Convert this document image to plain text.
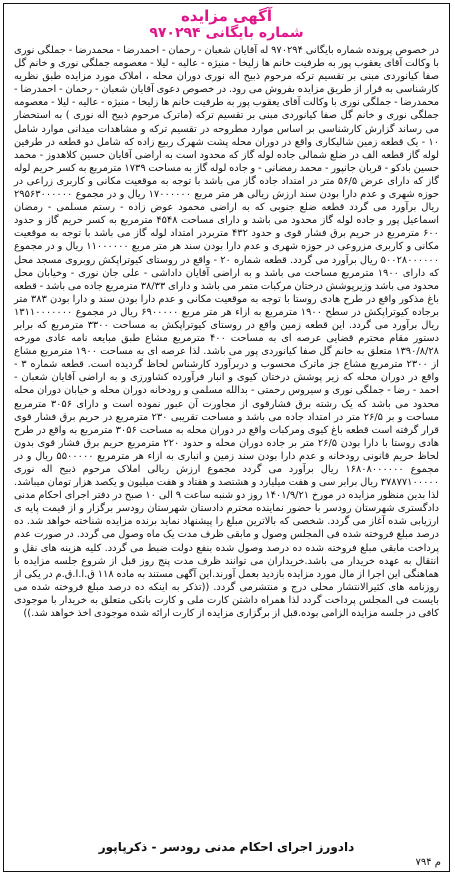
آگهی مزایده
شماره بایگانی ۹۷۰۲۹۴
در خصوص پرونده شماره بایگانی ۹۷۰۲۹۴ له آقایان شعبان - رحمان - احمدرضا - محمدرضا - جملگی نوری با وکالت آقای یعقوب پور به طرفیت خانم ها زلیخا - منیژه - عالیه - لیلا - معصومه جملگی نوری و خانم گل صفا کیانوردی مبنی بر تقسیم ترکه مرحوم ذبیح اله نوری دوران محله ، املاک مورد مزایده طبق نظریه کارشناسی به قرار از طریق مزایده بفروش می رود. در خصوص دعوی آقایان شعبان - رحمان - احمدرضا - محمدرضا - جملگی نوری با وکالت آقای یعقوب پور به طرفیت خانم ها زلیخا - منیژه - عالیه - لیلا - معصومه جملگی نوری و خانم گل صفا کیانوردی مبنی بر تقسیم ترکه (ماترک مرحوم ذبیح اله نوری ) به استحضار می رساند گزارش کارشناسی بر اساس موارد مطروحه در تقسیم ترکه و مشاهدات میدانی موارد شامل ۱۰ - یک قطعه زمین شالیکاری واقع در دوران محله پشت شهرک ربیع زاده که شامل دو قطعه در طرفین لوله گاز قطعه الف در ضلع شمالی جاده لوله گاز که محدود است به اراضی آقایان حسین کلاهدوز - محمد حسین بادکو - قربان جانپور - محمد رمضانی - و جاده لوله گاز به مساحت ۱۷۳۹ مترمربع به کسر حریم لوله گاز که دارای عرض ۵۶/۵ متر در امتداد جاده گاز می باشد با توجه به موقعیت مکانی و کاربری زراعی در حوزه شهری و عدم دارا بودن سند ارزش ریالی هر متر مربع ۱۷۰۰۰۰۰۰ ریال و در مجموع ۲۹۵۶۳۰۰۰۰۰۰ ریال برآورد می گردد قطعه ضلع جنوبی که به اراضی محمود عوض زاده - رستم مسلمی - رمضان اسماعیل پور و جاده لوله گاز محدود می باشد و دارای مساحت ۴۵۴۸ مترمربع به کسر حریم گاز و حدود ۶۰۰ مترمربع در حریم برق فشار قوی و حدود ۴۳۲ متربردر امتداد لوله گاز می باشد با توجه به موقعیت مکانی و کاربری مزروعی در حوزه شهری و عدم دارا بودن سند هر متر مربع ۱۱۰۰۰۰۰۰ ریال و در مجموع ۵۰۰۲۸۰۰۰۰۰۰ ریال برآورد می گردد. قطعه شماره ۲۰ - واقع در روستای کیوتراپکش روبروی مسجد محل که دارای ۱۹۰۰ مترمربع مساحت می باشد و به اراضی آقایان داداشی - علی جان نوری - وخیابان محل محدود می باشد وزیرپوشش درختان مرکبات متمر می باشد و دارای ۳۸/۳۳ مترمربع جاده می باشد - قطعه باغ مذکور واقع در طرح هادی روستا با توجه به موقعیت مکانی و عدم دارا بودن سند و دارا بودن ۳۸۳ متر برجاده کیوتراپکش در سطح ۱۹۰۰ مترمربع به ازاء هر متر مربع ۶۹۰۰۰۰۰ ریال در مجموع ۱۳۱۱۰۰۰۰۰۰۰ ریال برآورد می گردد. این قطعه زمین واقع در روستای کیوتراپکش به مساحت ۳۳۰۰ مترمربع که برابر دستور مقام محترم قضایی عرصه ای به مساحت ۴۰۰ مترمربع مشاع طبق مبایعه نامه عادی مورخه ۱۳۹۰/۸/۲۸ متعلق به خانم گل صفا کیانوردی پور می باشد. لذا عرصه ای به مساحت ۱۹۰۰ مترمربع مشاع از ۲۳۰۰ مترمربع مشاع جز ماترک محسوب و دربرآورد کارشناس لحاظ گردیده است. قطعه شماره ۳ - واقع در دوران محله که زیر پوشش درختان کیوی و انبار فرآورده کشاورزی و به اراضی آقایان شعبان - احمد - رضا - جملگی نوری و سیروس رحمتی - بدالله مسلمی و رودخانه دوران محله و خیابان دوران محله محدود می باشد که یک رشته برق فشارقوی از مجاورت آن عبور نموده است و دارای ۳۰۵۶ مترمربع مساحت و بر ۲۶/۵ متر در امتداد جاده می باشد و مساحت تقریبی ۲۳۰ مترمربع در حریم برق فشار قوی قرار گرفته است قطعه باغ کیوی ومرکبات واقع در دوران محله به مساحت ۳۰۵۶ مترمربع به واقع در طرح هادی روستا با دارا بودن ۲۶/۵ متر بر جاده دوران محله و حدود ۲۲۰ مترمربع حریم برق فشار قوی بدون لحاظ حریم قانونی رودخانه و عدم دارا بودن سند زمین و انباری به ازاء هر مترمربع ۵۵۰۰۰۰۰ ریال و در مجموع ۱۶۸۰۸۰۰۰۰۰۰ ریال برآورد می گردد مجموع ارزش ریالی املاک مرحوم ذبیح اله نوری ۳۷۸۷۷۱۰۰۰۰۰ ریال برابر سی و هفت میلیارد و هشتصد و هفتاد و هفت میلیون و یکصد هزار تومان میباشد. لذا بدین منظور مزایده در مورخ ۱۴۰۱/۹/۲۱ روز دو شنبه ساعت ۹ الی ۱۰ صبح در دفتر اجرای احکام مدنی دادگستری شهرستان رودسر با حضور نماینده محترم دادستان شهرستان رودسر برگزار و از قیمت پایه ی ارزیابی شده آغاز می گردد. شخصی که بالاترین مبلغ را پیشنهاد نماید برنده مزایده شناخته خواهد شد. ده درصد مبلغ فروخته شده فی المجلس وصول و مابقی ظرف مدت یک ماه وصول می گردد. در صورت عدم پرداخت مابقی مبلغ فروخته شده ده درصد وصول شده بنفع دولت ضبط می گردد. کلیه هزینه های نقل و انتقال به عهده خریدار می باشد.خریداران می توانند ظرف مدت پنج روز قبل از شروع جلسه مزایده با هماهنگی این اجرا از مال مورد مزایده بازدید بعمل آورند.این آگهی مستند به ماده ۱۱۸ ق.ا.ا.ق.م در یکی از روزنامه های کثیرالانتشار محلی درج و منتشرمی گردد. ((تذکر به اینکه ده درصد مبلغ فروخته شده می بایست فی المجلس پرداخت گردد لذا همراه داشتن کارت ملی و کارت بانکی متعلق به خریدار با موجودی کافی در جلسه مزایده الزامی بوده.قبل از برگزاری مزایده از کارت ارائه شده موجودی اخذ خواهد شد.))
دادورز اجرای احکام مدنی رودسر - ذکرپاپور
م ۷۹۴
